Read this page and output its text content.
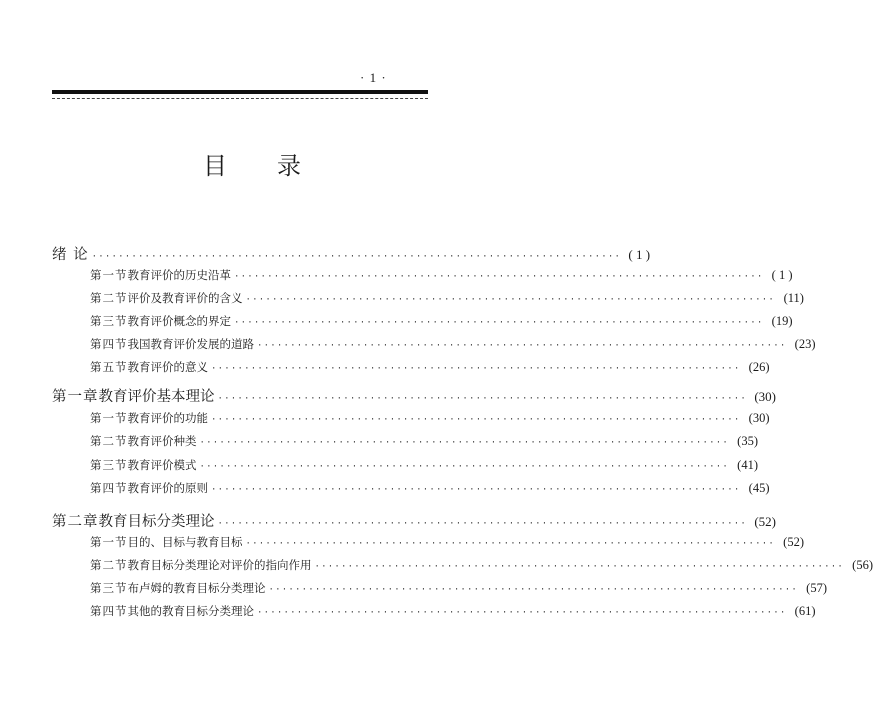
· 1 ·
目录
绪 论 ················································································ ( 1 )
第一节 教育评价的历史沿革 ················································································ ( 1 )
第二节 评价及教育评价的含义 ················································································ (11)
第三节 教育评价概念的界定 ················································································ (19)
第四节 我国教育评价发展的道路 ················································································ (23)
第五节 教育评价的意义 ················································································ (26)
第一章 教育评价基本理论 ················································································ (30)
第一节 教育评价的功能 ················································································ (30)
第二节 教育评价种类 ················································································ (35)
第三节 教育评价模式 ················································································ (41)
第四节 教育评价的原则 ················································································ (45)
第二章 教育目标分类理论 ················································································ (52)
第一节 目的、目标与教育目标 ················································································ (52)
第二节 教育目标分类理论对评价的指向作用 ················································································ (56)
第三节 布卢姆的教育目标分类理论 ················································································ (57)
第四节 其他的教育目标分类理论 ················································································ (61)
